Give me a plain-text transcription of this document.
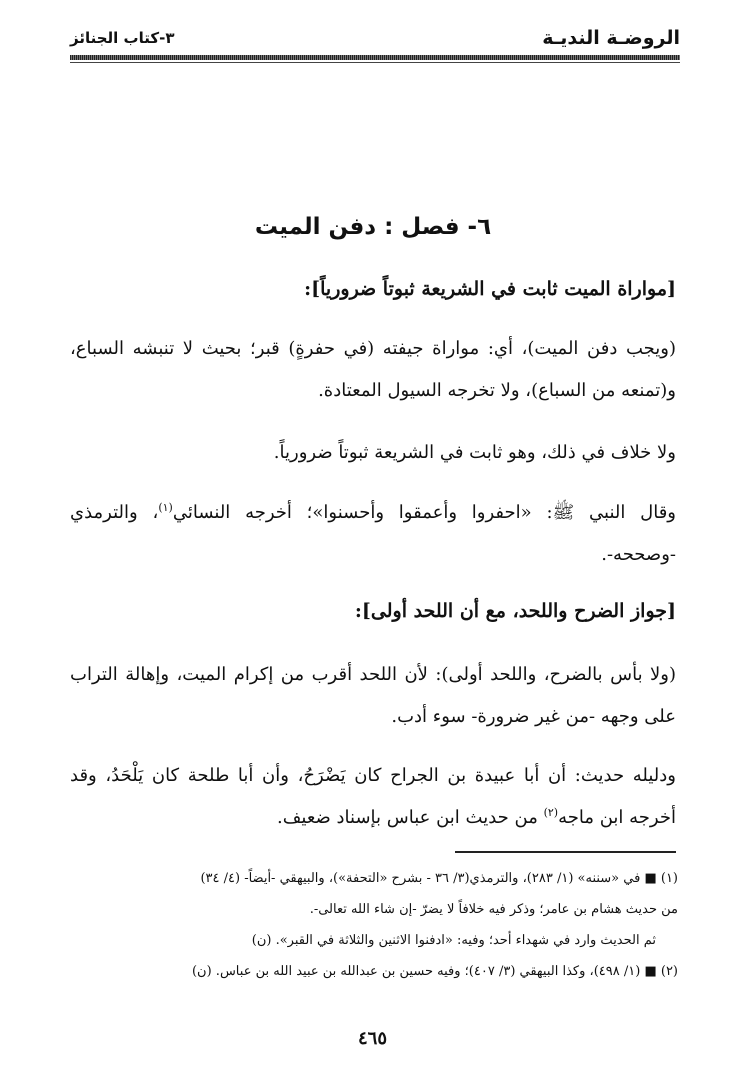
الروضـة النديـة
٣-كتاب الجنائز
٦- فصل : دفن الميت
[مواراة الميت ثابت في الشريعة ثبوتاً ضرورياً]:

(ويجب دفن الميت)، أي: مواراة جيفته (في حفرةٍ) قبر؛ بحيث لا تنبشه السباع، و(تمنعه من السباع)، ولا تخرجه السيول المعتادة.

ولا خلاف في ذلك، وهو ثابت في الشريعة ثبوتاً ضرورياً.

وقال النبي ﷺ: «احفروا وأعمقوا وأحسنوا»؛ أخرجه النسائي$^{(١)}$، والترمذي -وصححه-.

[جواز الضرح واللحد، مع أن اللحد أولى]:

(ولا بأس بالضرح، واللحد أولى): لأن اللحد أقرب من إكرام الميت، وإهالة التراب على وجهه -من غير ضرورة- سوء أدب.

ودليله حديث: أن أبا عبيدة بن الجراح كان يَضْرَحُ، وأن أبا طلحة كان يَلْحَدُ، وقد أخرجه ابن ماجه$^{(٢)}$ من حديث ابن عباس بإسناد ضعيف.

(١) ■ في «سننه» (١/ ٢٨٣)، والترمذي(٣/ ٣٦ - بشرح «التحفة»)، والبيهقي -أيضاً- (٤/ ٣٤)
من حديث هشام بن عامر؛ وذكر فيه خلافاً لا يضرّ -إن شاء الله تعالى-.
ثم الحديث وارد في شهداء أحد؛ وفيه: «ادفنوا الاثنين والثلاثة في القبر». (ن)
(٢) ■ (١/ ٤٩٨)، وكذا البيهقي (٣/ ٤٠٧)؛ وفيه حسين بن عبدالله بن عبيد الله بن عباس. (ن)
٤٦٥
